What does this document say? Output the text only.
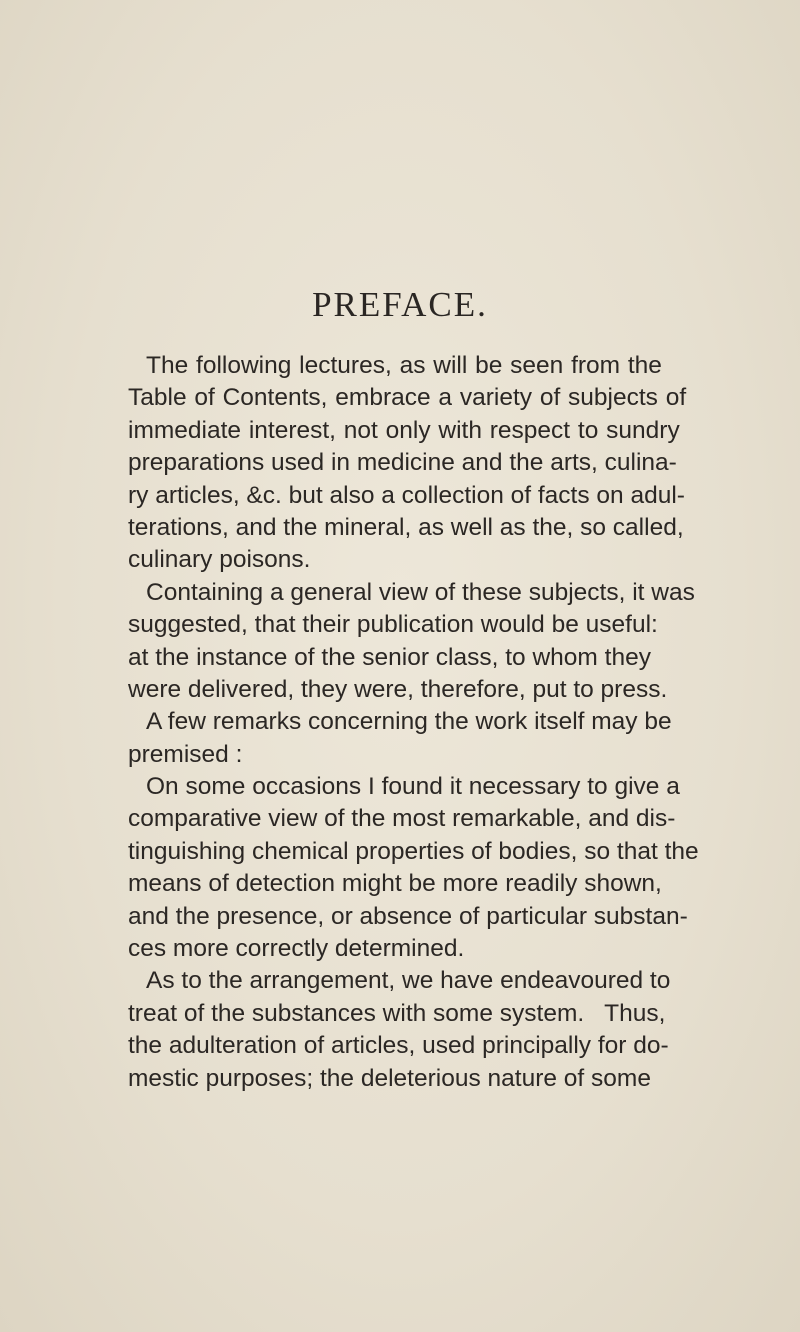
PREFACE.
The following lectures, as will be seen from the
Table of Contents, embrace a variety of subjects of
immediate interest, not only with respect to sundry
preparations used in medicine and the arts, culina-
ry articles, &c. but also a collection of facts on adul-
terations, and the mineral, as well as the, so called,
culinary poisons.
Containing a general view of these subjects, it was
suggested, that their publication would be useful:
at the instance of the senior class, to whom they
were delivered, they were, therefore, put to press.
A few remarks concerning the work itself may be
premised :
On some occasions I found it necessary to give a
comparative view of the most remarkable, and dis-
tinguishing chemical properties of bodies, so that the
means of detection might be more readily shown,
and the presence, or absence of particular substan-
ces more correctly determined.
As to the arrangement, we have endeavoured to
treat of the substances with some system.   Thus,
the adulteration of articles, used principally for do-
mestic purposes; the deleterious nature of some
